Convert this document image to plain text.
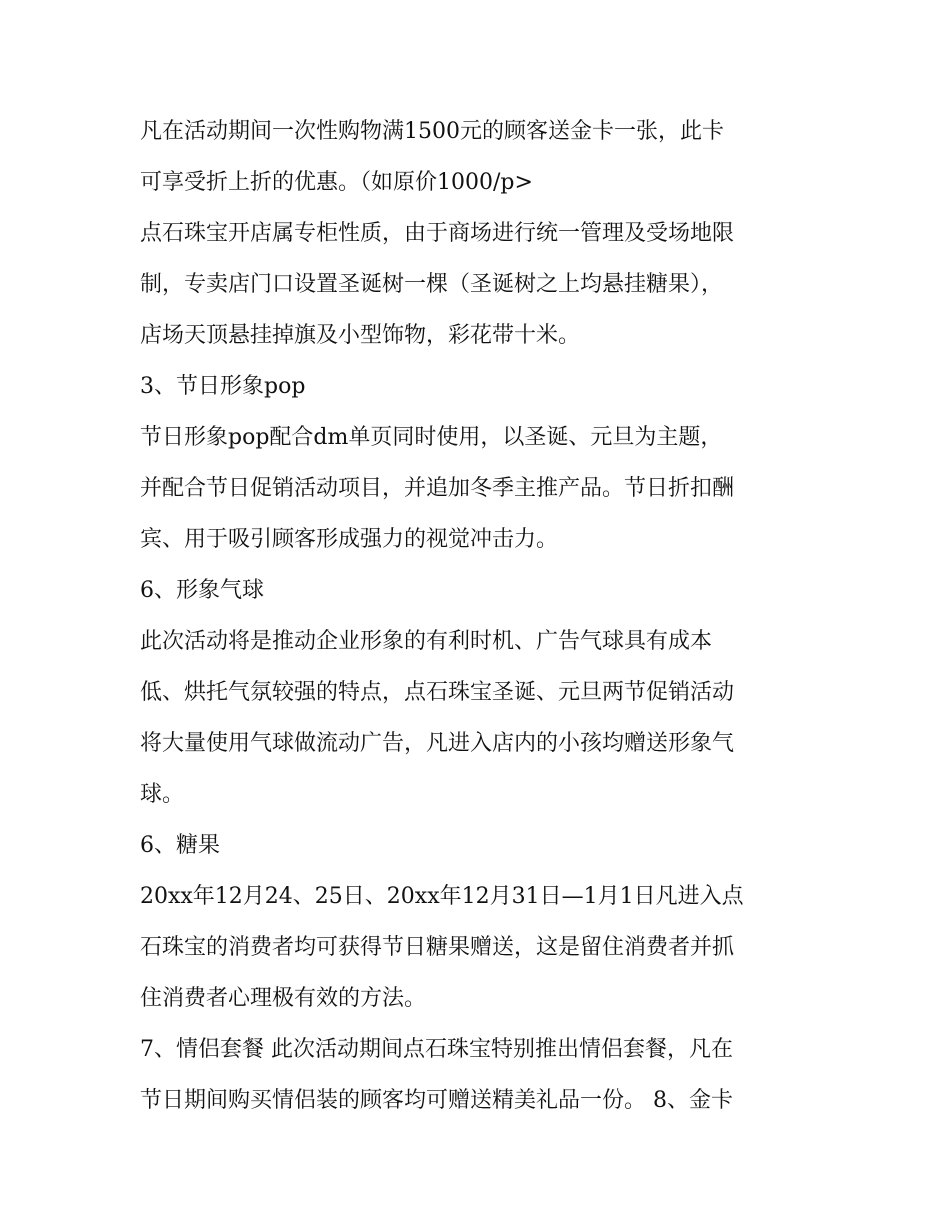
凡在活动期间一次性购物满1500元的顾客送金卡一张，此卡
可享受折上折的优惠。（如原价1000/p>
点石珠宝开店属专柜性质，由于商场进行统一管理及受场地限
制，专卖店门口设置圣诞树一棵（圣诞树之上均悬挂糖果），
店场天顶悬挂掉旗及小型饰物，彩花带十米。
3、节日形象pop
节日形象pop配合dm单页同时使用，以圣诞、元旦为主题，
并配合节日促销活动项目，并追加冬季主推产品。节日折扣酬
宾、用于吸引顾客形成强力的视觉冲击力。
6、形象气球
此次活动将是推动企业形象的有利时机、广告气球具有成本
低、烘托气氛较强的特点，点石珠宝圣诞、元旦两节促销活动
将大量使用气球做流动广告，凡进入店内的小孩均赠送形象气
球。
6、糖果
20xx年12月24、25日、20xx年12月31日—1月1日凡进入点
石珠宝的消费者均可获得节日糖果赠送，这是留住消费者并抓
住消费者心理极有效的方法。
7、情侣套餐 此次活动期间点石珠宝特别推出情侣套餐，凡在
节日期间购买情侣装的顾客均可赠送精美礼品一份。 8、金卡
